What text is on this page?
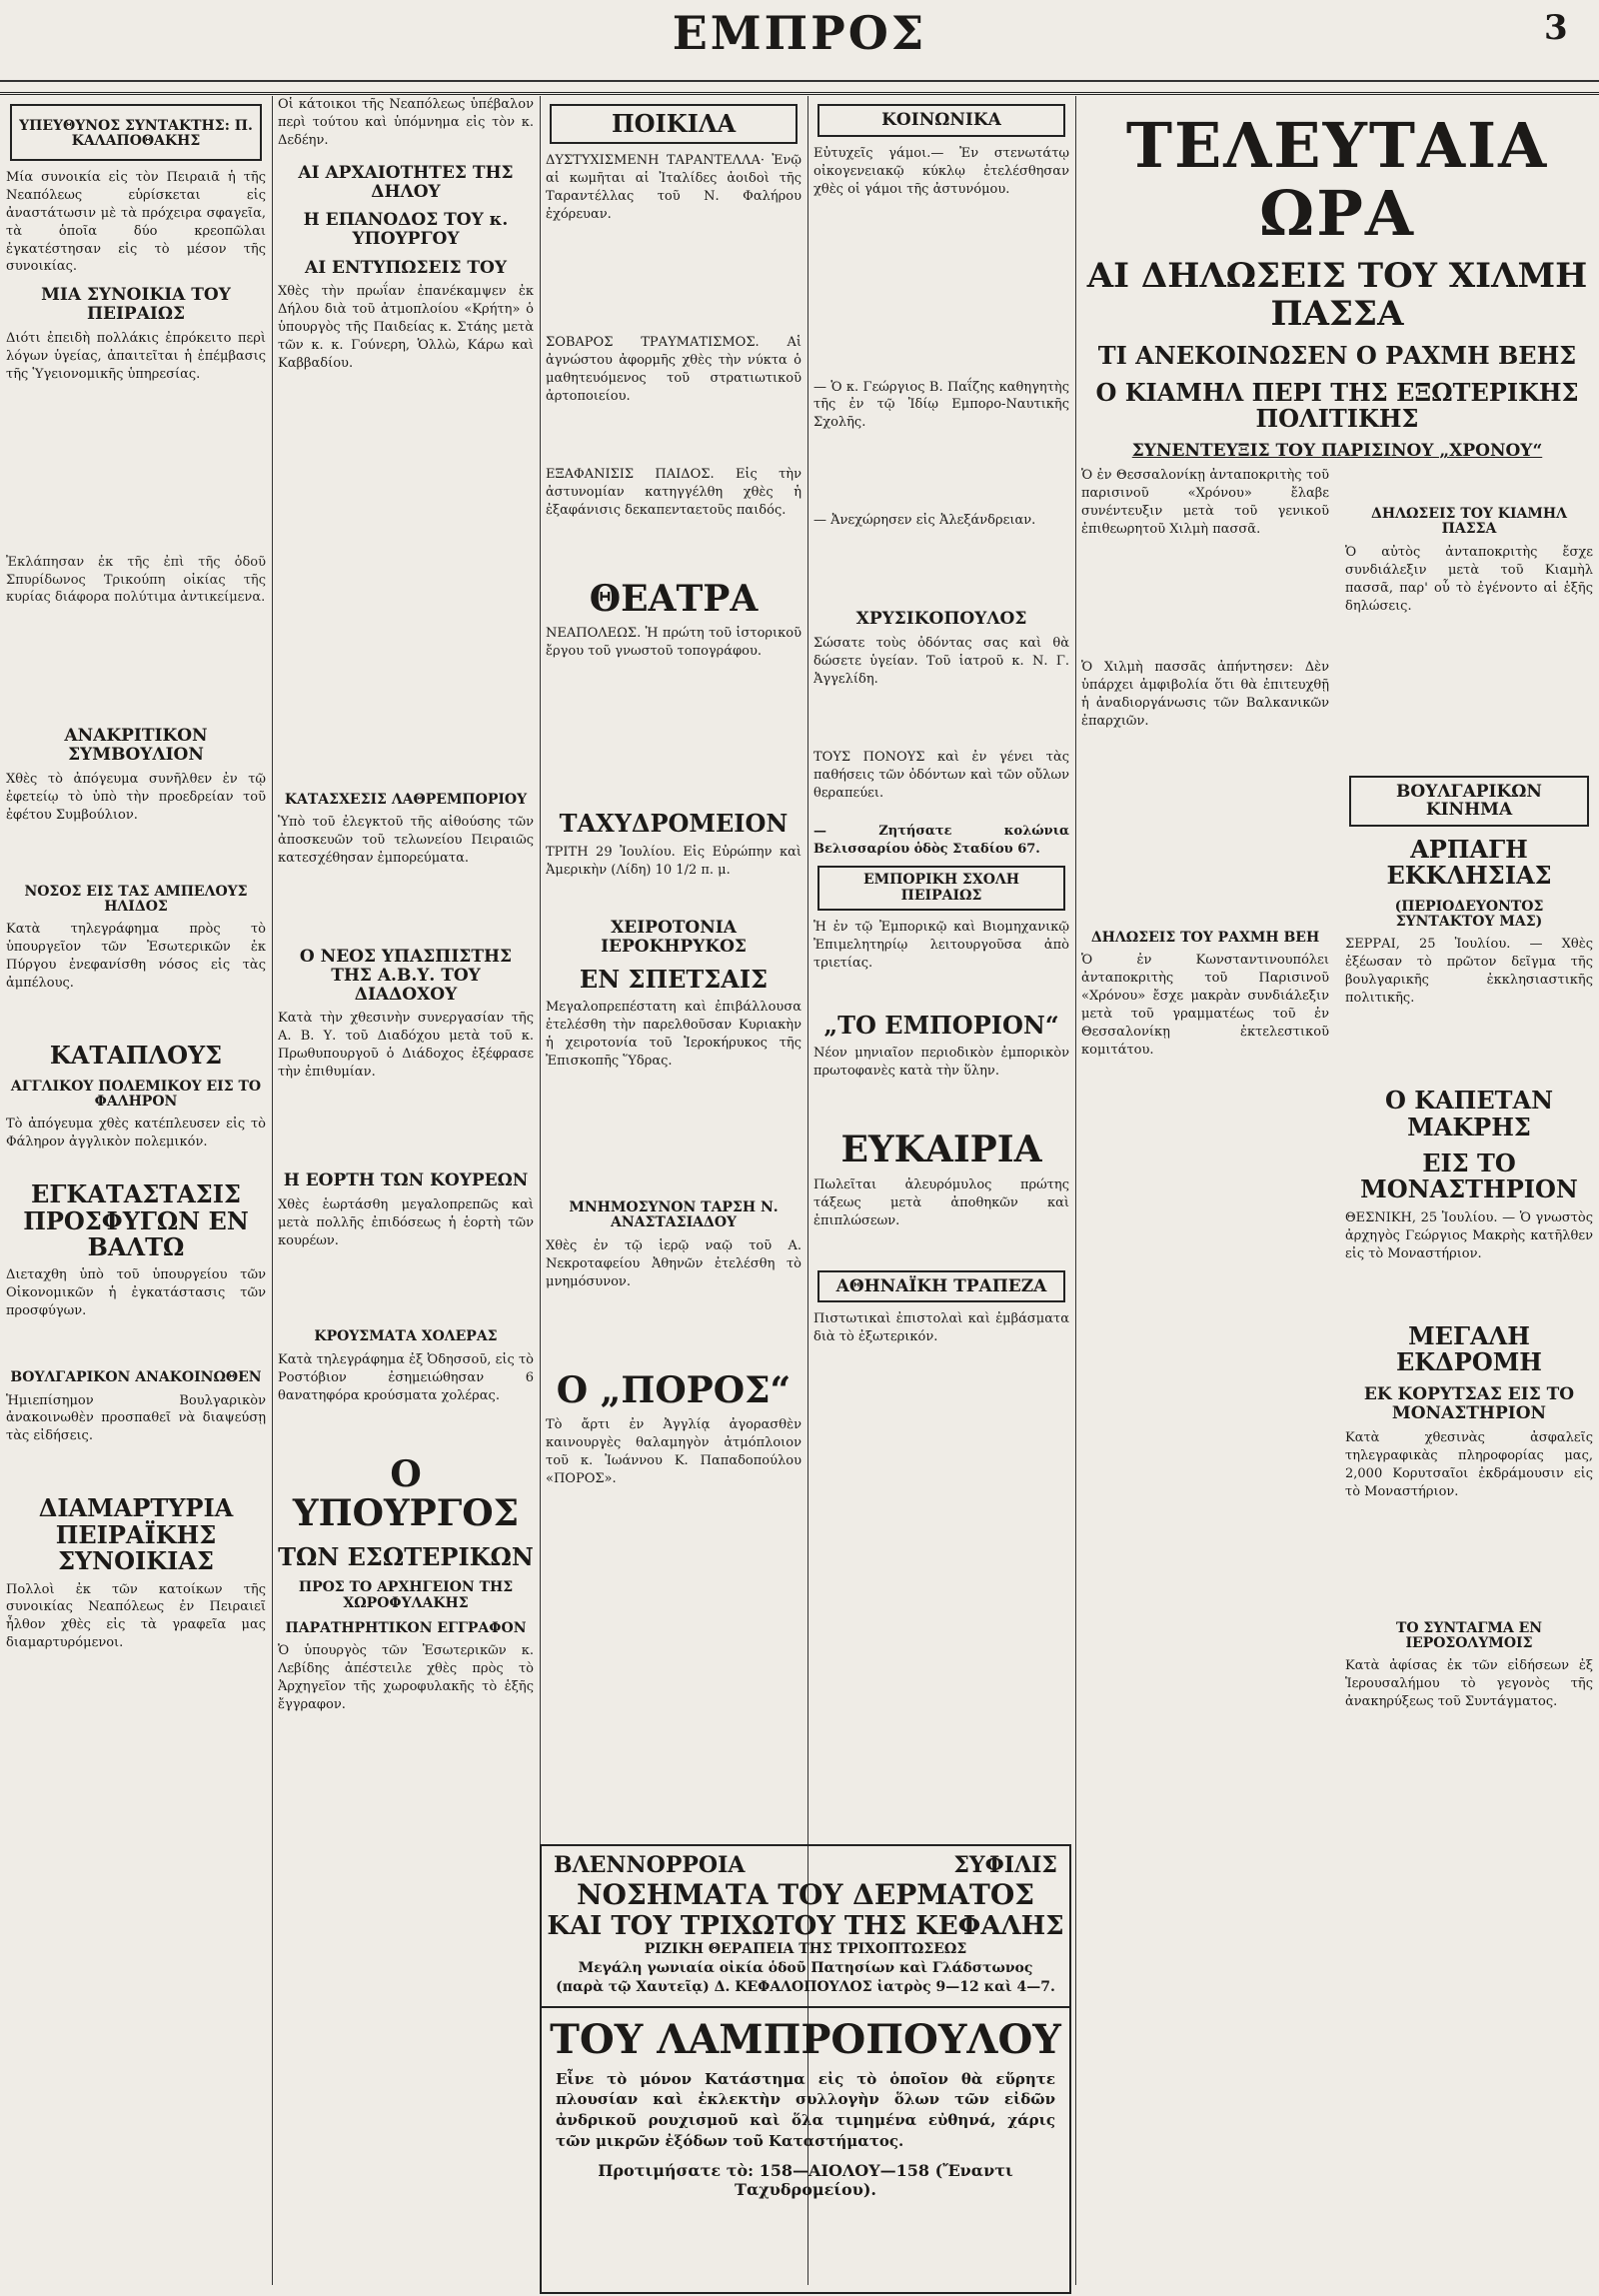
ΕΜΠΡΟΣ	3
ΥΠΕΥΘΥΝΟΣ ΣΥΝΤΑΚΤΗΣ: Π. ΚΑΛΑΠΟΘΑΚΗΣ
Μία συνοικία εἰς τὸν Πειραιᾶ ἡ τῆς Νεαπόλεως εὑρίσκεται εἰς ἀναστάτωσιν μὲ τὰ πρόχειρα σφαγεῖα, τὰ ὁποῖα δύο κρεοπῶλαι ἐγκατέστησαν εἰς τὸ μέσον τῆς συνοικίας.
ΜΙΑ ΣΥΝΟΙΚΙΑ ΤΟΥ ΠΕΙΡΑΙΩΣ
Διότι ἐπειδὴ πολλάκις ἐπρόκειτο περὶ λόγων ὑγείας, ἀπαιτεῖται ἡ ἐπέμβασις τῆς Ὑγειονομικῆς ὑπηρεσίας.
Ἐκλάπησαν ἐκ τῆς ἐπὶ τῆς ὁδοῦ Σπυρίδωνος Τρικούπη οἰκίας τῆς κυρίας διάφορα πολύτιμα ἀντικείμενα.
ΑΝΑΚΡΙΤΙΚΟΝ ΣΥΜΒΟΥΛΙΟΝ
Χθὲς τὸ ἀπόγευμα συνῆλθεν ἐν τῷ ἐφετείῳ τὸ ὑπὸ τὴν προεδρείαν τοῦ ἐφέτου Συμβούλιον.
ΝΟΣΟΣ ΕΙΣ ΤΑΣ ΑΜΠΕΛΟΥΣ ΗΛΙΔΟΣ
Κατὰ τηλεγράφημα πρὸς τὸ ὑπουργεῖον τῶν Ἐσωτερικῶν ἐκ Πύργου ἐνεφανίσθη νόσος εἰς τὰς ἀμπέλους.
ΚΑΤΑΠΛΟΥΣ
ΑΓΓΛΙΚΟΥ ΠΟΛΕΜΙΚΟΥ ΕΙΣ ΤΟ ΦΑΛΗΡΟΝ
Τὸ ἀπόγευμα χθὲς κατέπλευσεν εἰς τὸ Φάληρον ἀγγλικὸν πολεμικόν.
ΕΓΚΑΤΑΣΤΑΣΙΣ ΠΡΟΣΦΥΓΩΝ ΕΝ ΒΑΛΤΩ
Διεταχθη ὑπὸ τοῦ ὑπουργείου τῶν Οἰκονομικῶν ἡ ἐγκατάστασις τῶν προσφύγων.
ΒΟΥΛΓΑΡΙΚΟΝ ΑΝΑΚΟΙΝΩΘΕΝ
Ἡμιεπίσημον Βουλγαρικὸν ἀνακοινωθὲν προσπαθεῖ νὰ διαψεύσῃ τὰς εἰδήσεις.
ΔΙΑΜΑΡΤΥΡΙΑ ΠΕΙΡΑΪΚΗΣ ΣΥΝΟΙΚΙΑΣ
Πολλοὶ ἐκ τῶν κατοίκων τῆς συνοικίας Νεαπόλεως ἐν Πειραιεῖ ἦλθον χθὲς εἰς τὰ γραφεῖα μας διαμαρτυρόμενοι.
Οἱ κάτοικοι τῆς Νεαπόλεως ὑπέβαλον περὶ τούτου καὶ ὑπόμνημα εἰς τὸν κ. Δεδέην.
ΑΙ ΑΡΧΑΙΟΤΗΤΕΣ ΤΗΣ ΔΗΛΟΥ
Η ΕΠΑΝΟΔΟΣ ΤΟΥ κ. ΥΠΟΥΡΓΟΥ
ΑΙ ΕΝΤΥΠΩΣΕΙΣ ΤΟΥ
Χθὲς τὴν πρωΐαν ἐπανέκαμψεν ἐκ Δήλου διὰ τοῦ ἀτμοπλοίου «Κρήτη» ὁ ὑπουργὸς τῆς Παιδείας κ. Στάης μετὰ τῶν κ. κ. Γούνερη, Ὁλλὼ, Κάρω καὶ Καββαδίου.
ΚΑΤΑΣΧΕΣΙΣ ΛΑΘΡΕΜΠΟΡΙΟΥ
Ὑπὸ τοῦ ἐλεγκτοῦ τῆς αἰθούσης τῶν ἀποσκευῶν τοῦ τελωνείου Πειραιῶς κατεσχέθησαν ἐμπορεύματα.
Ο ΝΕΟΣ ΥΠΑΣΠΙΣΤΗΣ ΤΗΣ Α.Β.Υ. ΤΟΥ ΔΙΑΔΟΧΟΥ
Κατὰ τὴν χθεσινὴν συνεργασίαν τῆς Α. Β. Υ. τοῦ Διαδόχου μετὰ τοῦ κ. Πρωθυπουργοῦ ὁ Διάδοχος ἐξέφρασε τὴν ἐπιθυμίαν.
Η ΕΟΡΤΗ ΤΩΝ ΚΟΥΡΕΩΝ
Χθὲς ἑωρτάσθη μεγαλοπρεπῶς καὶ μετὰ πολλῆς ἐπιδόσεως ἡ ἑορτὴ τῶν κουρέων.
ΚΡΟΥΣΜΑΤΑ ΧΟΛΕΡΑΣ
Κατὰ τηλεγράφημα ἐξ Ὀδησσοῦ, εἰς τὸ Ροστόβιον ἐσημειώθησαν 6 θανατηφόρα κρούσματα χολέρας.
Ο ΥΠΟΥΡΓΟΣ
ΤΩΝ ΕΣΩΤΕΡΙΚΩΝ
ΠΡΟΣ ΤΟ ΑΡΧΗΓΕΙΟΝ ΤΗΣ ΧΩΡΟΦΥΛΑΚΗΣ
ΠΑΡΑΤΗΡΗΤΙΚΟΝ ΕΓΓΡΑΦΟΝ
Ὁ ὑπουργὸς τῶν Ἐσωτερικῶν κ. Λεβίδης ἀπέστειλε χθὲς πρὸς τὸ Ἀρχηγεῖον τῆς χωροφυλακῆς τὸ ἑξῆς ἔγγραφον.
ΠΟΙΚΙΛΑ
ΔΥΣΤΥΧΙΣΜΕΝΗ ΤΑΡΑΝΤΕΛΛΑ· Ἐνῷ αἱ κωμῆται αἱ Ἰταλίδες ἀοιδοὶ τῆς Ταραντέλλας τοῦ Ν. Φαλήρου ἐχόρευαν.
ΣΟΒΑΡΟΣ ΤΡΑΥΜΑΤΙΣΜΟΣ. Αἱ ἀγνώστου ἀφορμῆς χθὲς τὴν νύκτα ὁ μαθητευόμενος τοῦ στρατιωτικοῦ ἀρτοποιείου.
ΕΞΑΦΑΝΙΣΙΣ ΠΑΙΔΟΣ. Εἰς τὴν ἀστυνομίαν κατηγγέλθη χθὲς ἡ ἐξαφάνισις δεκαπενταετοῦς παιδός.
ΘΕΑΤΡΑ
ΝΕΑΠΟΛΕΩΣ. Ἡ πρώτη τοῦ ἱστορικοῦ ἔργου τοῦ γνωστοῦ τοπογράφου.
ΤΑΧΥΔΡΟΜΕΙΟΝ
ΤΡΙΤΗ 29 Ἰουλίου. Εἰς Εὐρώπην καὶ Ἀμερικὴν (Λίδη) 10 1/2 π. μ.
ΧΕΙΡΟΤΟΝΙΑ ΙΕΡΟΚΗΡΥΚΟΣ
ΕΝ ΣΠΕΤΣΑΙΣ
Μεγαλοπρεπέστατη καὶ ἐπιβάλλουσα ἐτελέσθη τὴν παρελθοῦσαν Κυριακὴν ἡ χειροτονία τοῦ Ἱεροκήρυκος τῆς Ἐπισκοπῆς Ὕδρας.
ΜΝΗΜΟΣΥΝΟΝ ΤΑΡΣΗ Ν. ΑΝΑΣΤΑΣΙΑΔΟΥ
Χθὲς ἐν τῷ ἱερῷ ναῷ τοῦ Α. Νεκροταφείου Ἀθηνῶν ἐτελέσθη τὸ μνημόσυνον.
Ο „ΠΟΡΟΣ“
Τὸ ἄρτι ἐν Ἀγγλίᾳ ἀγορασθὲν καινουργὲς θαλαμηγὸν ἀτμόπλοιον τοῦ κ. Ἰωάννου Κ. Παπαδοπούλου «ΠΟΡΟΣ».
ΚΟΙΝΩΝΙΚΑ
Εὐτυχεῖς γάμοι.— Ἐν στενωτάτῳ οἰκογενειακῷ κύκλῳ ἐτελέσθησαν χθὲς οἱ γάμοι τῆς ἀστυνόμου.
— Ὁ κ. Γεώργιος Β. Παΐζης καθηγητὴς τῆς ἐν τῷ Ἰδίῳ Εμπορο-Ναυτικῆς Σχολῆς.
— Ἀνεχώρησεν εἰς Ἀλεξάνδρειαν.
ΧΡΥΣΙΚΟΠΟΥΛΟΣ
Σώσατε τοὺς ὀδόντας σας καὶ θὰ δώσετε ὑγείαν. Τοῦ ἱατροῦ κ. Ν. Γ. Ἀγγελίδη.
ΤΟΥΣ ΠΟΝΟΥΣ καὶ ἐν γένει τὰς παθήσεις τῶν ὀδόντων καὶ τῶν οὔλων θεραπεύει.
— Ζητήσατε κολώνια Βελισσαρίου ὁδὸς Σταδίου 67.
ΕΜΠΟΡΙΚΗ ΣΧΟΛΗ ΠΕΙΡΑΙΩΣ
Ἡ ἐν τῷ Ἐμπορικῷ καὶ Βιομηχανικῷ Ἐπιμελητηρίῳ λειτουργοῦσα ἀπὸ τριετίας.
„ΤΟ ΕΜΠΟΡΙΟΝ“
Νέον μηνιαῖον περιοδικὸν ἐμπορικὸν πρωτοφανὲς κατὰ τὴν ὕλην.
ΕΥΚΑΙΡΙΑ
Πωλεῖται ἀλευρόμυλος πρώτης τάξεως μετὰ ἀποθηκῶν καὶ ἐπιπλώσεων.
ΑΘΗΝΑΪΚΗ ΤΡΑΠΕΖΑ
Πιστωτικαὶ ἐπιστολαὶ καὶ ἐμβάσματα διὰ τὸ ἐξωτερικόν.
ΤΕΛΕΥΤΑΙΑ ΩΡΑ
ΑΙ ΔΗΛΩΣΕΙΣ ΤΟΥ ΧΙΛΜΗ ΠΑΣΣΑ
ΤΙ ΑΝΕΚΟΙΝΩΣΕΝ Ο ΡΑΧΜΗ ΒΕΗΣ
Ο ΚΙΑΜΗΛ ΠΕΡΙ ΤΗΣ ΕΞΩΤΕΡΙΚΗΣ ΠΟΛΙΤΙΚΗΣ
ΣΥΝΕΝΤΕΥΞΙΣ ΤΟΥ ΠΑΡΙΣΙΝΟΥ „ΧΡΟΝΟΥ“
Ὁ ἐν Θεσσαλονίκῃ ἀνταποκριτὴς τοῦ παρισινοῦ «Χρόνου» ἔλαβε συνέντευξιν μετὰ τοῦ γενικοῦ ἐπιθεωρητοῦ Χιλμὴ πασσᾶ.
Ὁ Χιλμὴ πασσᾶς ἀπήντησεν: Δὲν ὑπάρχει ἀμφιβολία ὅτι θὰ ἐπιτευχθῇ ἡ ἀναδιοργάνωσις τῶν Βαλκανικῶν ἐπαρχιῶν.
ΔΗΛΩΣΕΙΣ ΤΟΥ ΡΑΧΜΗ ΒΕΗ
Ὁ ἐν Κωνσταντινουπόλει ἀνταποκριτὴς τοῦ Παρισινοῦ «Χρόνου» ἔσχε μακρὰν συνδιάλεξιν μετὰ τοῦ γραμματέως τοῦ ἐν Θεσσαλονίκῃ ἐκτελεστικοῦ κομιτάτου.
ΔΗΛΩΣΕΙΣ ΤΟΥ ΚΙΑΜΗΛ ΠΑΣΣΑ
Ὁ αὐτὸς ἀνταποκριτὴς ἔσχε συνδιάλεξιν μετὰ τοῦ Κιαμὴλ πασσᾶ, παρ' οὗ τὸ ἐγένοντο αἱ ἑξῆς δηλώσεις.
ΒΟΥΛΓΑΡΙΚΩΝ ΚΙΝΗΜΑ
ΑΡΠΑΓΗ ΕΚΚΛΗΣΙΑΣ
(ΠΕΡΙΟΔΕΥΟΝΤΟΣ ΣΥΝΤΑΚΤΟΥ ΜΑΣ)
ΣΕΡΡΑΙ, 25 Ἰουλίου. — Χθὲς ἐξέωσαν τὸ πρῶτον δεῖγμα τῆς βουλγαρικῆς ἐκκλησιαστικῆς πολιτικῆς.
Ο ΚΑΠΕΤΑΝ ΜΑΚΡΗΣ
ΕΙΣ ΤΟ ΜΟΝΑΣΤΗΡΙΟΝ
ΘΕΣΝΙΚΗ, 25 Ἰουλίου. — Ὁ γνωστὸς ἀρχηγὸς Γεώργιος Μακρὴς κατῆλθεν εἰς τὸ Μοναστήριον.
ΜΕΓΑΛΗ ΕΚΔΡΟΜΗ
ΕΚ ΚΟΡΥΤΣΑΣ ΕΙΣ ΤΟ ΜΟΝΑΣΤΗΡΙΟΝ
Κατὰ χθεσινὰς ἀσφαλεῖς τηλεγραφικὰς πληροφορίας μας, 2,000 Κορυτσαῖοι ἐκδράμουσιν εἰς τὸ Μοναστήριον.
ΤΟ ΣΥΝΤΑΓΜΑ ΕΝ ΙΕΡΟΣΟΛΥΜΟΙΣ
Κατὰ ἀφίσας ἐκ τῶν εἰδήσεων ἐξ Ἱερουσαλήμου τὸ γεγονὸς τῆς ἀνακηρύξεως τοῦ Συντάγματος.
ΒΛΕΝΝΟΡΡΟΙΑ	ΣΥΦΙΛΙΣ
ΝΟΣΗΜΑΤΑ ΤΟΥ ΔΕΡΜΑΤΟΣ
ΚΑΙ ΤΟΥ ΤΡΙΧΩΤΟΥ ΤΗΣ ΚΕΦΑΛΗΣ
ΡΙΖΙΚΗ ΘΕΡΑΠΕΙΑ ΤΗΣ ΤΡΙΧΟΠΤΩΣΕΩΣ
Μεγάλη γωνιαία οἰκία ὁδοῦ Πατησίων καὶ Γλάδστωνος (παρὰ τῷ Χαυτεῖᾳ) Δ. ΚΕΦΑΛΟΠΟΥΛΟΣ ἰατρὸς 9—12 καὶ 4—7.
ΤΟΥ ΛΑΜΠΡΟΠΟΥΛΟΥ
Εἶνε τὸ μόνον Κατάστημα εἰς τὸ ὁποῖον θὰ εὕρητε πλουσίαν καὶ ἐκλεκτὴν συλλογὴν ὅλων τῶν εἰδῶν ἀνδρικοῦ ρουχισμοῦ καὶ ὅλα τιμημένα εὐθηνά, χάρις τῶν μικρῶν ἐξόδων τοῦ Καταστήματος.
Προτιμήσατε τὸ: 158—ΑΙΟΛΟΥ—158 (Ἔναντι Ταχυδρομείου).
